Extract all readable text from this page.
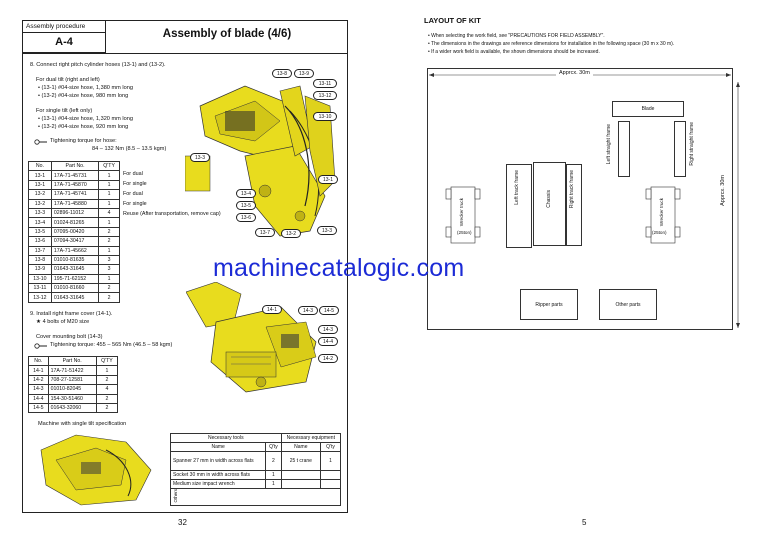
Assembly procedure
A-4
Assembly of blade (4/6)
8. Connect right pitch cylinder hoses (13-1) and (13-2).
For dual tilt (right and left)
• (13-1) #04-size hose, 1,380 mm long
• (13-2) #04-size hose, 980 mm long
For single tilt (left only)
• (13-1) #04-size hose, 1,320 mm long
• (13-2) #04-size hose, 920 mm long
Tightening torque for hose:
84 – 132 Nm (8.5 – 13.5 kgm)
No.	Part No.	Q'TY
13-1	17A-71-45731	1
13-1	17A-71-45870	1
13-2	17A-71-45741	1
13-2	17A-71-45880	1
13-3	02896-11012	4
13-4	01024-81265	1
13-5	07095-00420	2
13-6	07094-30417	2
13-7	17A-71-45662	1
13-8	01010-81635	3
13-9	01643-31645	3
13-10	195-71-62152	1
13-11	01010-81660	2
13-12	01643-31645	2
For dual
For single
For dual
For single
Reuse (After transportation, remove cap)
13-8	13-9
13-11
13-12
13-10
13-3
13-1
13-4
13-5
13-6
13-7	13-2	13-3
9. Install right frame cover (14-1).
★ 4 bolts of M20 size
Cover mounting bolt (14-3)
Tightening torque: 455 – 565 Nm (46.5 – 58 kgm)
No.	Part No.	Q'TY
14-1	17A-71-51422	1
14-2	708-27-12581	2
14-3	01010-82045	4
14-4	154-30-51460	2
14-5	01643-32060	2
14-1	14-3	14-5
14-3
14-4
14-2
Machine with single tilt specification
Necessary tools		Necessary equipment	
Name	Q'ty	Name	Q'ty
Spanner 27 mm in width across flats	2	25 t crane	1
Socket 30 mm in width across flats	1		
Medium size impact wrench	1		
Others			
32
LAYOUT OF KIT
• When selecting the work field, see "PRECAUTIONS FOR FIELD ASSEMBLY".
• The dimensions in the drawings are reference dimensions for installation in the following space (30 m x 30 m).
• If a wider work field is available, the shown dimensions should be increased.
Apprcx. 30m
Apprcx. 30m
Blade
Left straight frame	Right straight frame
Left track frame	Chassis	Right track frame
Wrecker truck
(25ton)
Wrecker truck
(25ton)
Ripper parts	Other parts
5
machinecatalogic.com
